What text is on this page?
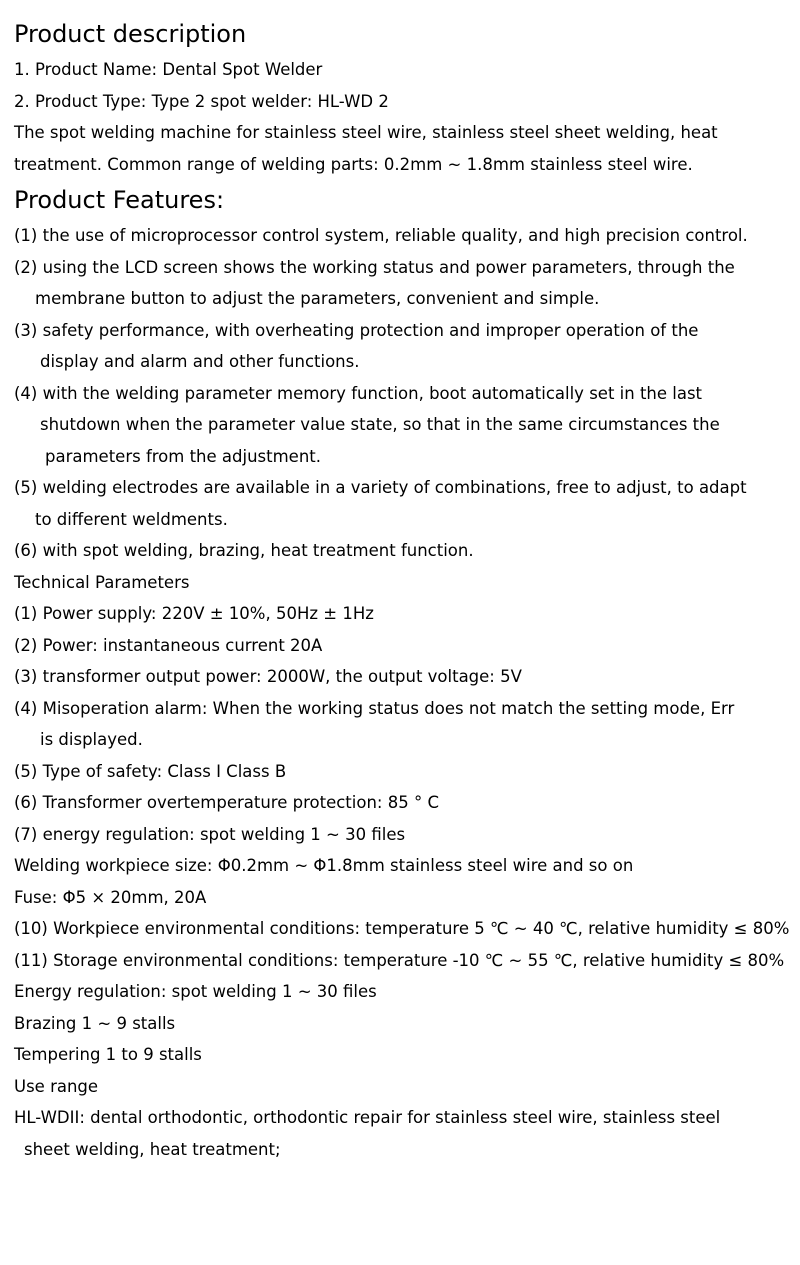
Product description
1. Product Name: Dental Spot Welder
2. Product Type: Type 2 spot welder: HL-WD 2
The spot welding machine for stainless steel wire, stainless steel sheet welding, heat
treatment. Common range of welding parts: 0.2mm ~ 1.8mm stainless steel wire.
Product Features:
(1) the use of microprocessor control system, reliable quality, and high precision control.
(2) using the LCD screen shows the working status and power parameters, through the
membrane button to adjust the parameters, convenient and simple.
(3) safety performance, with overheating protection and improper operation of the
display and alarm and other functions.
(4) with the welding parameter memory function, boot automatically set in the last
shutdown when the parameter value state, so that in the same circumstances the
parameters from the adjustment.
(5) welding electrodes are available in a variety of combinations, free to adjust, to adapt
to different weldments.
(6) with spot welding, brazing, heat treatment function.
Technical Parameters
(1) Power supply: 220V ± 10%, 50Hz ± 1Hz
(2) Power: instantaneous current 20A
(3) transformer output power: 2000W, the output voltage: 5V
(4) Misoperation alarm: When the working status does not match the setting mode, Err
is displayed.
(5) Type of safety: Class I Class B
(6) Transformer overtemperature protection: 85 ° C
(7) energy regulation: spot welding 1 ~ 30 files
Welding workpiece size: Φ0.2mm ~ Φ1.8mm stainless steel wire and so on
Fuse: Φ5 × 20mm, 20A
(10) Workpiece environmental conditions: temperature 5 ℃ ~ 40 ℃, relative humidity ≤ 80%
(11) Storage environmental conditions: temperature -10 ℃ ~ 55 ℃, relative humidity ≤ 80%
Energy regulation: spot welding 1 ~ 30 files
Brazing 1 ~ 9 stalls
Tempering 1 to 9 stalls
Use range
HL-WDII: dental orthodontic, orthodontic repair for stainless steel wire, stainless steel
sheet welding, heat treatment;
